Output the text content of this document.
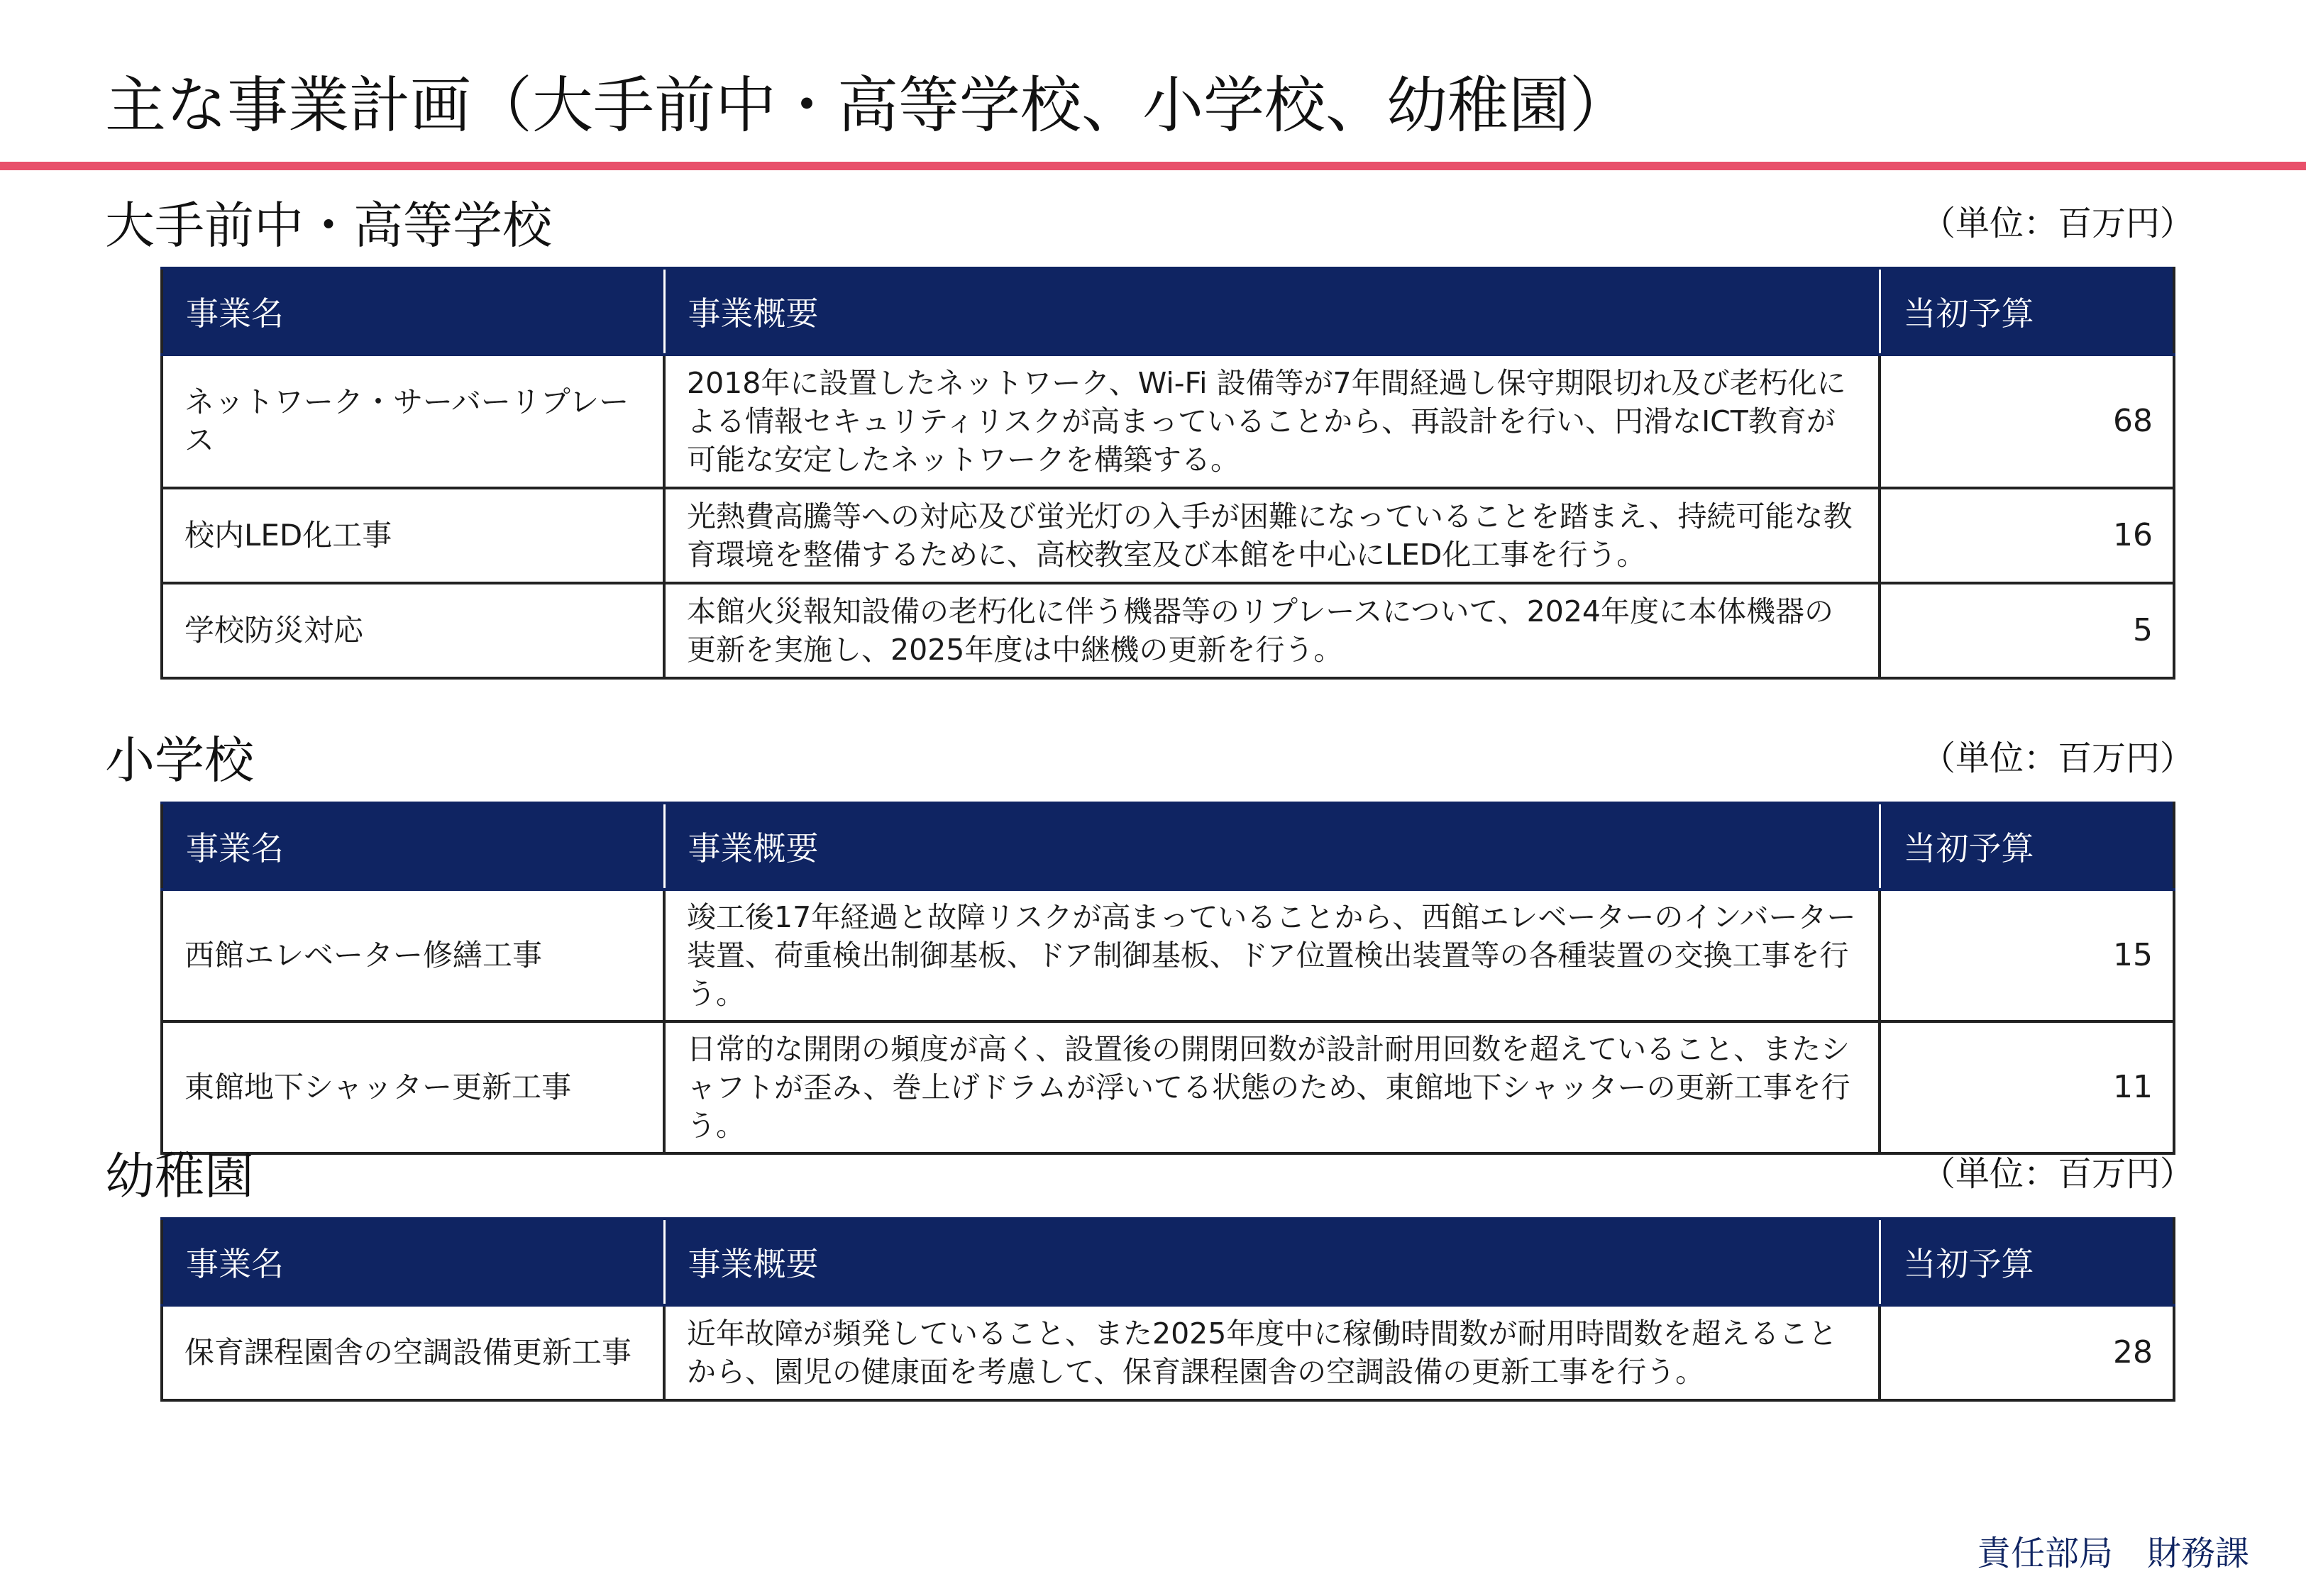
主な事業計画（大手前中・高等学校、小学校、幼稚園）
大手前中・高等学校	（単位：百万円）
事業名	事業概要	当初予算
ネットワーク・サーバーリプレース	2018年に設置したネットワーク、Wi-Fi 設備等が7年間経過し保守期限切れ及び老朽化による情報セキュリティリスクが高まっていることから、再設計を行い、円滑なICT教育が可能な安定したネットワークを構築する。	68
校内LED化工事	光熱費高騰等への対応及び蛍光灯の入手が困難になっていることを踏まえ、持続可能な教育環境を整備するために、高校教室及び本館を中心にLED化工事を行う。	16
学校防災対応	本館火災報知設備の老朽化に伴う機器等のリプレースについて、2024年度に本体機器の更新を実施し、2025年度は中継機の更新を行う。	5
小学校	（単位：百万円）
事業名	事業概要	当初予算
西館エレベーター修繕工事	竣工後17年経過と故障リスクが高まっていることから、西館エレベーターのインバーター装置、荷重検出制御基板、ドア制御基板、ドア位置検出装置等の各種装置の交換工事を行う。	15
東館地下シャッター更新工事	日常的な開閉の頻度が高く、設置後の開閉回数が設計耐用回数を超えていること、またシャフトが歪み、巻上げドラムが浮いてる状態のため、東館地下シャッターの更新工事を行う。	11
幼稚園	（単位：百万円）
事業名	事業概要	当初予算
保育課程園舎の空調設備更新工事	近年故障が頻発していること、また2025年度中に稼働時間数が耐用時間数を超えることから、園児の健康面を考慮して、保育課程園舎の空調設備の更新工事を行う。	28
責任部局　財務課
